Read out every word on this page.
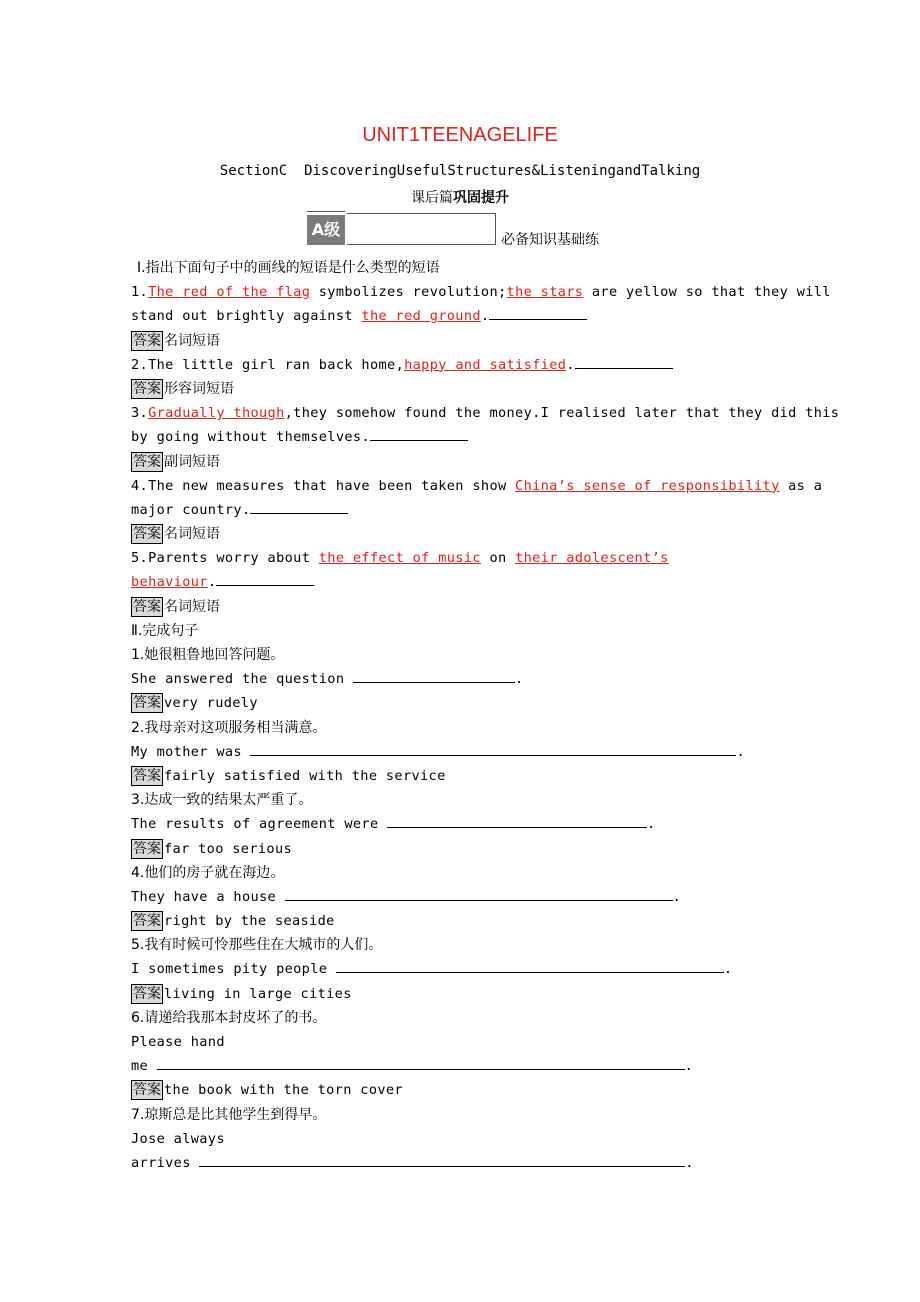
UNIT1TEENAGELIFE
SectionC  DiscoveringUsefulStructures&ListeningandTalking
课后篇巩固提升
A级
必备知识基础练
Ⅰ.指出下面句子中的画线的短语是什么类型的短语
1.The red of the flag symbolizes revolution;the stars are yellow so that they will
stand out brightly against the red ground.
答案 名词短语
2.The little girl ran back home,happy and satisfied.
答案 形容词短语
3.Gradually though,they somehow found the money.I realised later that they did this
by going without themselves.
答案 副词短语
4.The new measures that have been taken show China’s sense of responsibility as a
major country.
答案 名词短语
5.Parents worry about the effect of music on their adolescent’s
behaviour.
答案 名词短语
Ⅱ.完成句子
1.她很粗鲁地回答问题。
She answered the question	.
答案 very rudely
2.我母亲对这项服务相当满意。
My mother was	.
答案 fairly satisfied with the service
3.达成一致的结果太严重了。
The results of agreement were	.
答案 far too serious
4.他们的房子就在海边。
They have a house	.
答案 right by the seaside
5.我有时候可怜那些住在大城市的人们。
I sometimes pity people	.
答案 living in large cities
6.请递给我那本封皮坏了的书。
Please hand
me	.
答案 the book with the torn cover
7.琼斯总是比其他学生到得早。
Jose always
arrives	.
